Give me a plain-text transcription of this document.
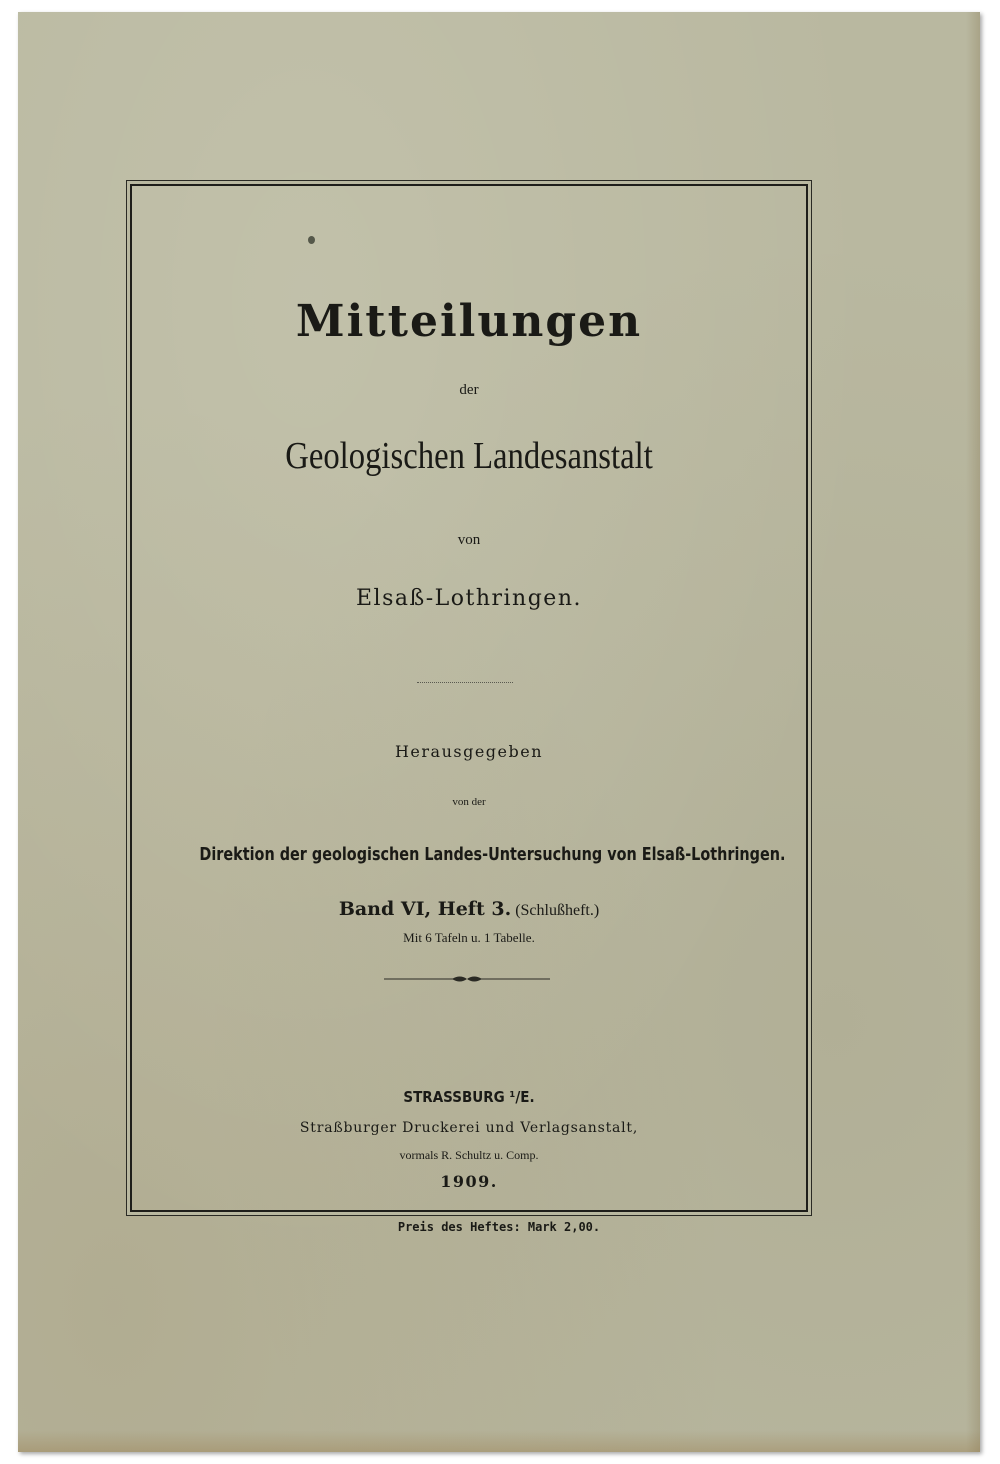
Mitteilungen
der
Geologischen Landesanstalt
von
Elsaß-Lothringen.
Herausgegeben
von der
Direktion der geologischen Landes-Untersuchung von Elsaß-Lothringen.
Band VI, Heft 3. (Schlußheft.)
Mit 6 Tafeln u. 1 Tabelle.
STRASSBURG ¹/E.
Straßburger Druckerei und Verlagsanstalt,
vormals R. Schultz u. Comp.
1909.
Preis des Heftes: Mark 2,00.
